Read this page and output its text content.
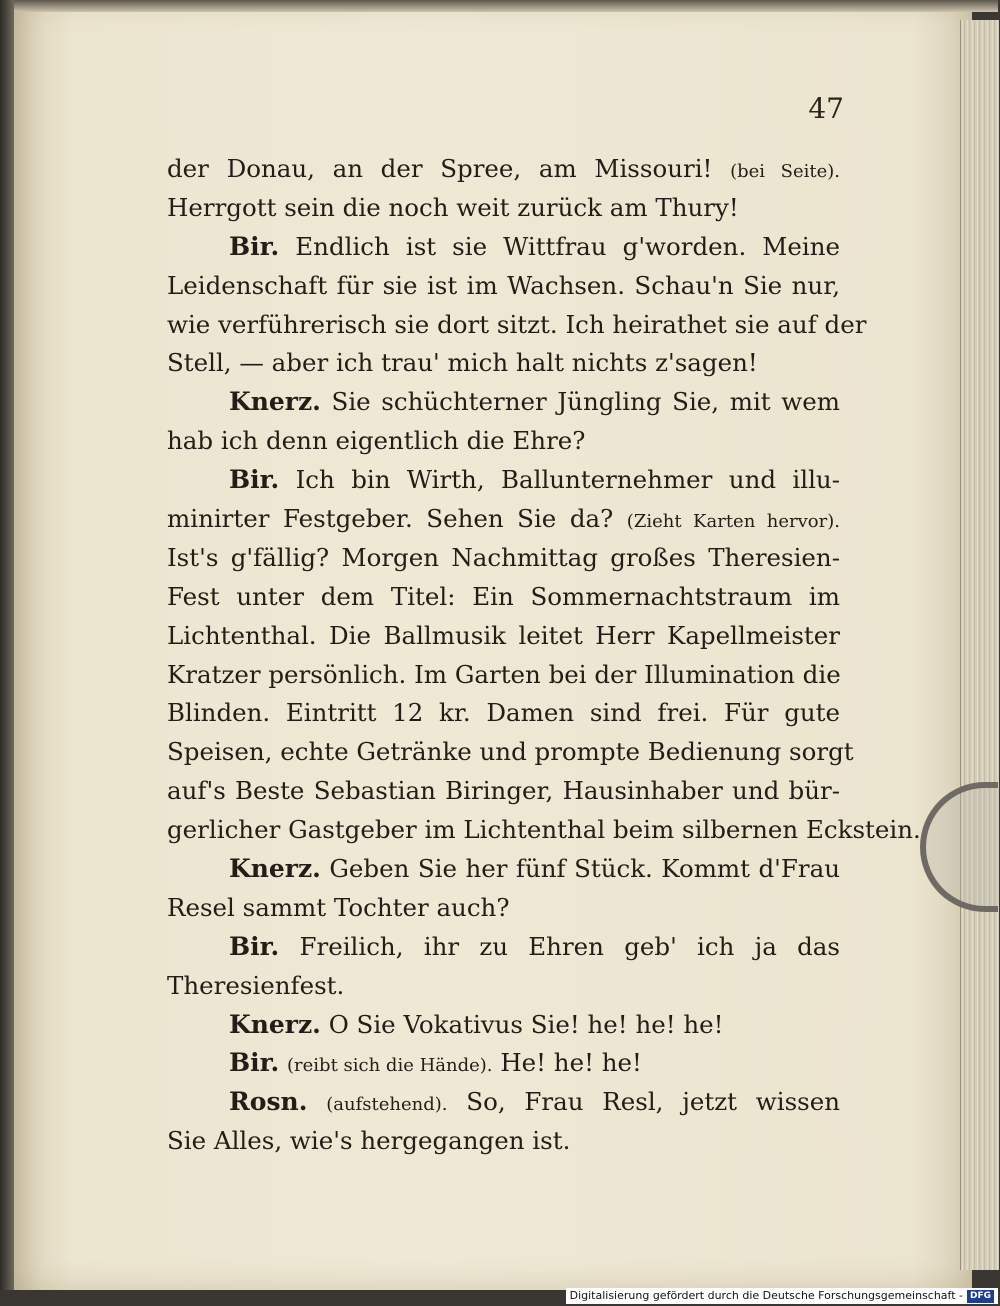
47
der Donau, an der Spree, am Missouri! (bei Seite).
Herrgott sein die noch weit zurück am Thury!
Bir. Endlich ist sie Wittfrau g'worden. Meine
Leidenschaft für sie ist im Wachsen. Schau'n Sie nur,
wie verführerisch sie dort sitzt. Ich heirathet sie auf der
Stell, — aber ich trau' mich halt nichts z'sagen!
Knerz. Sie schüchterner Jüngling Sie, mit wem
hab ich denn eigentlich die Ehre?
Bir. Ich bin Wirth, Ballunternehmer und illu-
minirter Festgeber. Sehen Sie da? (Zieht Karten hervor).
Ist's g'fällig? Morgen Nachmittag großes Theresien-
Fest unter dem Titel: Ein Sommernachtstraum im
Lichtenthal. Die Ballmusik leitet Herr Kapellmeister
Kratzer persönlich. Im Garten bei der Illumination die
Blinden. Eintritt 12 kr. Damen sind frei. Für gute
Speisen, echte Getränke und prompte Bedienung sorgt
auf's Beste Sebastian Biringer, Hausinhaber und bür-
gerlicher Gastgeber im Lichtenthal beim silbernen Eckstein.
Knerz. Geben Sie her fünf Stück. Kommt d'Frau
Resel sammt Tochter auch?
Bir. Freilich, ihr zu Ehren geb' ich ja das
Theresienfest.
Knerz. O Sie Vokativus Sie! he! he! he!
Bir. (reibt sich die Hände). He! he! he!
Rosn. (aufstehend). So, Frau Resl, jetzt wissen
Sie Alles, wie's hergegangen ist.
Digitalisierung gefördert durch die Deutsche Forschungsgemeinschaft - DFG
